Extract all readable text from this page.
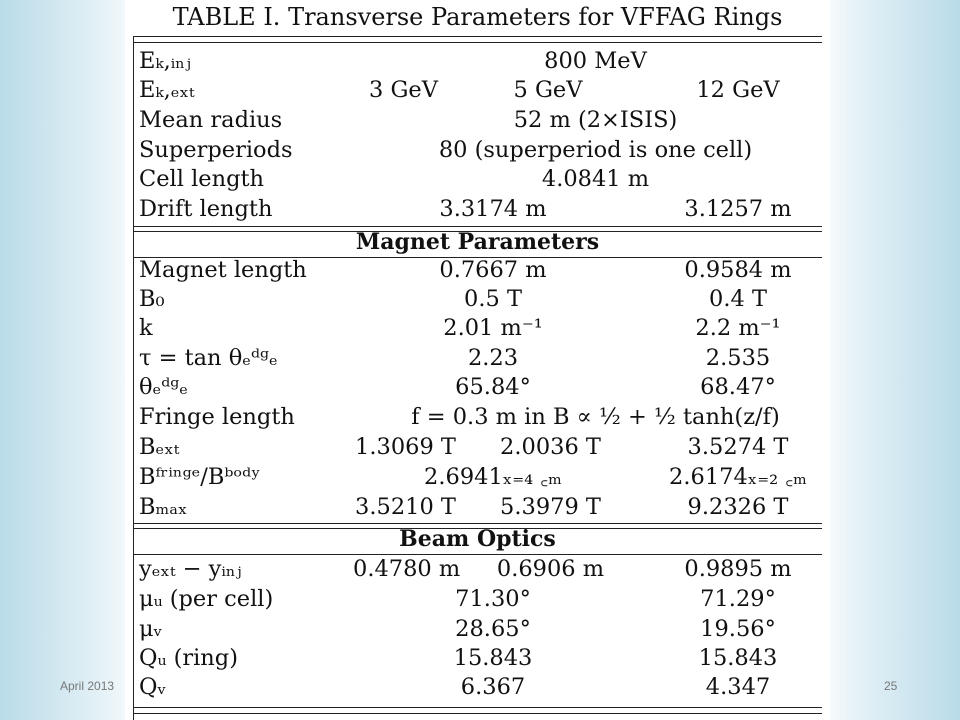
TABLE I. Transverse Parameters for VFFAG Rings
Eₖ,ᵢₙⱼ	800 MeV
Eₖ,ₑₓₜ	3 GeV	5 GeV	12 GeV
Mean radius	52 m (2×ISIS)
Superperiods	80 (superperiod is one cell)
Cell length	4.0841 m
Drift length	3.3174 m	3.1257 m
Magnet Parameters
Magnet length	0.7667 m	0.9584 m
B₀	0.5 T	0.4 T
k	2.01 m⁻¹	2.2 m⁻¹
τ = tan θₑᵈᵍₑ	2.23	2.535
θₑᵈᵍₑ	65.84°	68.47°
Fringe length	f = 0.3 m in B ∝ ½ + ½ tanh(z/f)
Bₑₓₜ	1.3069 T	2.0036 T	3.5274 T
Bᶠʳⁱⁿᵍᵉ/Bᵇᵒᵈʸ	2.6941ₓ₌₄ ꜀ₘ	2.6174ₓ₌₂ ꜀ₘ
Bₘₐₓ	3.5210 T	5.3979 T	9.2326 T
Beam Optics
yₑₓₜ − yᵢₙⱼ	0.4780 m	0.6906 m	0.9895 m
μᵤ (per cell)	71.30°	71.29°
μᵥ	28.65°	19.56°
Qᵤ (ring)	15.843	15.843
Qᵥ	6.367	4.347
April 2013	25
